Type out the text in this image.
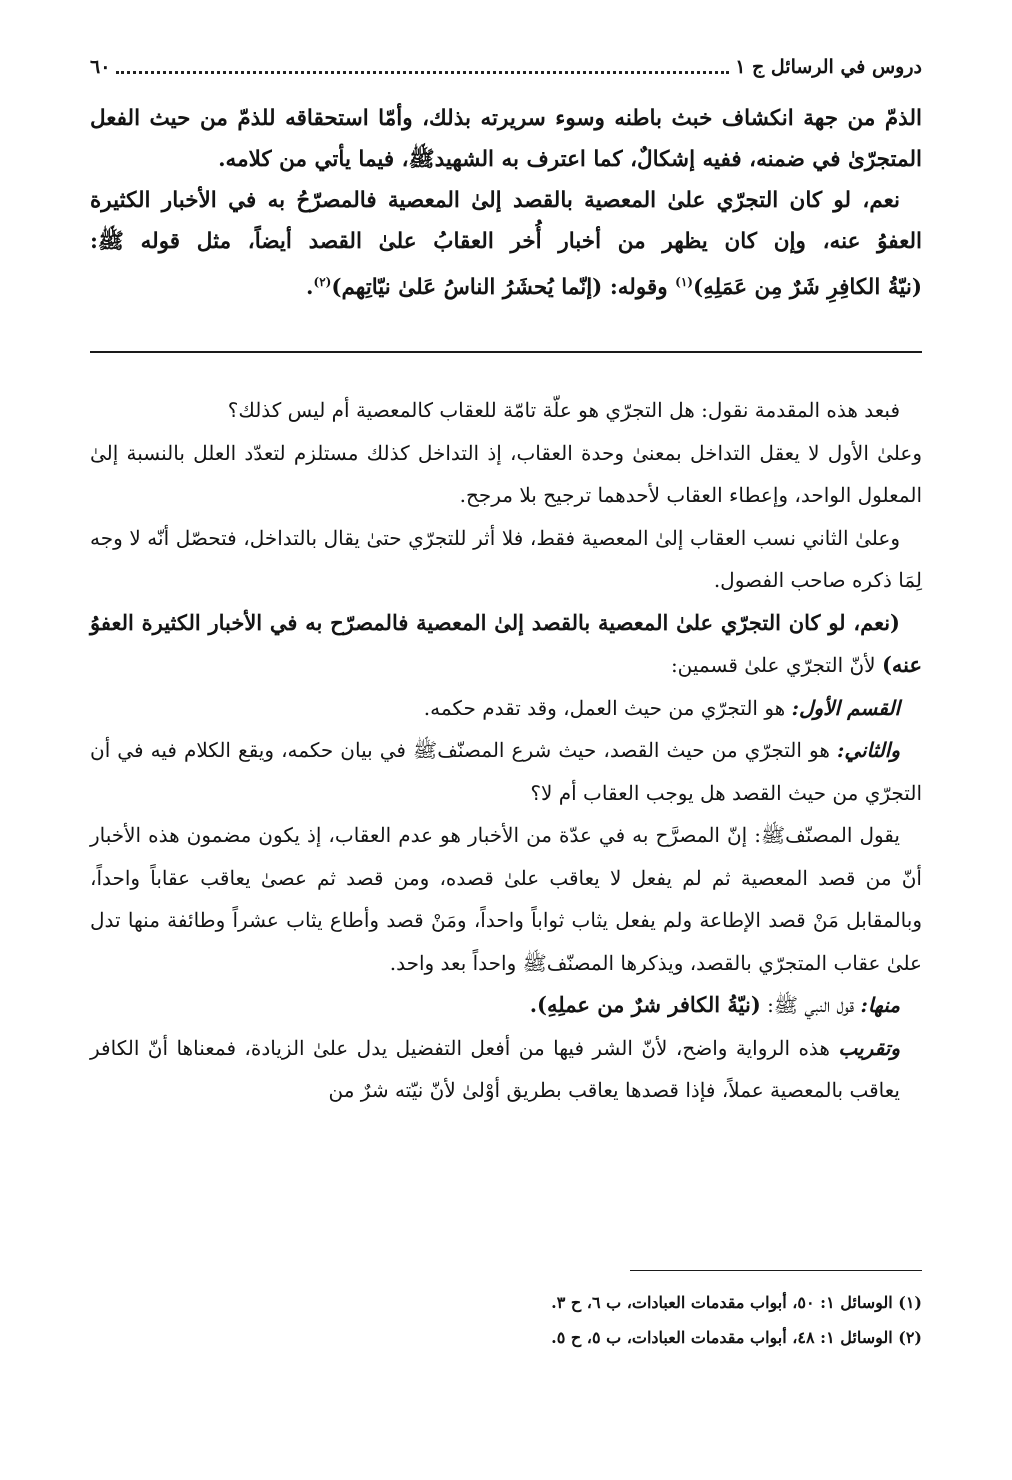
دروس في الرسائل ج ١
٦٠

الذمّ من جهة انكشاف خبث باطنه وسوء سريرته بذلك، وأمّا استحقاقه للذمّ من حيث الفعل المتجرّىٰ في ضمنه، ففيه إشكالٌ، كما اعترف به الشهيدﷺ، فيما يأتي من كلامه.

نعم، لو كان التجرّي علىٰ المعصية بالقصد إلىٰ المعصية فالمصرّحُ به في الأخبار الكثيرة العفوُ عنه، وإن كان يظهر من أخبار أُخر العقابُ علىٰ القصد أيضاً، مثل قوله ﷺ: (نيّةُ الكافِرِ شَرٌ مِن عَمَلِهِ)$^{(١)}$ وقوله: (إنّما يُحشَرُ الناسُ عَلىٰ نيّاتِهم)$^{(٢)}$.

فبعد هذه المقدمة نقول: هل التجرّي هو علّة تامّة للعقاب كالمعصية أم ليس كذلك؟

وعلىٰ الأول لا يعقل التداخل بمعنىٰ وحدة العقاب، إذ التداخل كذلك مستلزم لتعدّد العلل بالنسبة إلىٰ المعلول الواحد، وإعطاء العقاب لأحدهما ترجيح بلا مرجح.

وعلىٰ الثاني نسب العقاب إلىٰ المعصية فقط، فلا أثر للتجرّي حتىٰ يقال بالتداخل، فتحصّل أنّه لا وجه لِمَا ذكره صاحب الفصول.

(نعم، لو كان التجرّي علىٰ المعصية بالقصد إلىٰ المعصية فالمصرّح به في الأخبار الكثيرة العفوُ عنه) لأنّ التجرّي علىٰ قسمين:

القسم الأول: هو التجرّي من حيث العمل، وقد تقدم حكمه.

والثاني: هو التجرّي من حيث القصد، حيث شرع المصنّفﷺ في بيان حكمه، ويقع الكلام فيه في أن التجرّي من حيث القصد هل يوجب العقاب أم لا؟

يقول المصنّفﷺ: إنّ المصرَّح به في عدّة من الأخبار هو عدم العقاب، إذ يكون مضمون هذه الأخبار أنّ من قصد المعصية ثم لم يفعل لا يعاقب علىٰ قصده، ومن قصد ثم عصىٰ يعاقب عقاباً واحداً، وبالمقابل مَنْ قصد الإطاعة ولم يفعل يثاب ثواباً واحداً، ومَنْ قصد وأطاع يثاب عشراً وطائفة منها تدل علىٰ عقاب المتجرّي بالقصد، ويذكرها المصنّفﷺ واحداً بعد واحد.

منها: قول النبي ﷺ: (نيّةُ الكافر شرٌ من عملِهِ).

وتقريب هذه الرواية واضح، لأنّ الشر فيها من أفعل التفضيل يدل علىٰ الزيادة، فمعناها أنّ الكافر يعاقب بالمعصية عملاً، فإذا قصدها يعاقب بطريق أوْلىٰ لأنّ نيّته شرٌ من

(١) الوسائل ١: ٥٠، أبواب مقدمات العبادات، ب ٦، ح ٣.

(٢) الوسائل ١: ٤٨، أبواب مقدمات العبادات، ب ٥، ح ٥.
